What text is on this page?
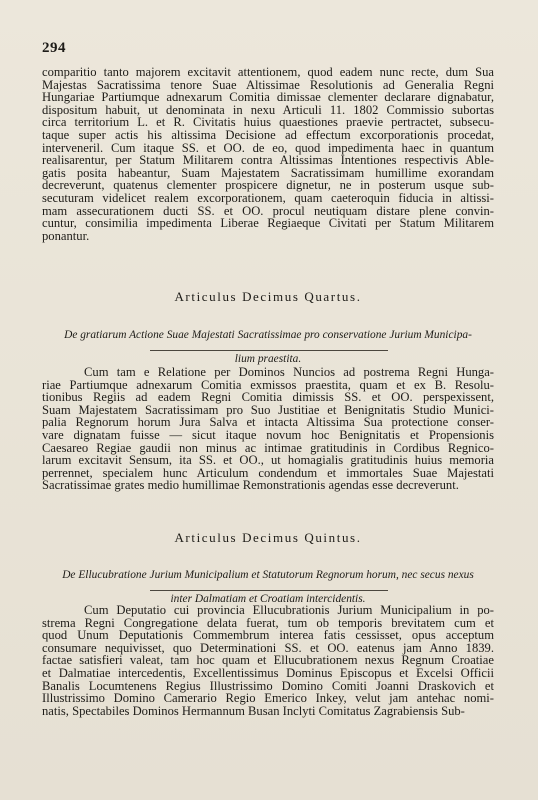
294

comparitio tanto majorem excitavit attentionem, quod eadem nunc recte, dum Sua

Majestas Sacratissima tenore Suae Altissimae Resolutionis ad Generalia Regni

Hungariae Partiumque adnexarum Comitia dimissae clementer declarare dignabatur,

dispositum habuit, ut denominata in nexu Articuli 11. 1802 Commissio subortas

circa territorium L. et R. Civitatis huius quaestiones praevie pertractet, subsecu-

taque super actis his altissima Decisione ad effectum excorporationis procedat,

interveneril. Cum itaque SS. et OO. de eo, quod impedimenta haec in quantum

realisarentur, per Statum Militarem contra Altissimas Intentiones respectivis Able-

gatis posita habeantur, Suam Majestatem Sacratissimam humillime exorandam

decreverunt, quatenus clementer prospicere dignetur, ne in posterum usque sub-

secuturam videlicet realem excorporationem, quam caeteroquin fiducia in altissi-

mam assecurationem ducti SS. et OO. procul neutiquam distare plene convin-

cuntur, consimilia impedimenta Liberae Regiaeque Civitati per Statum Militarem

ponantur.

Articulus Decimus Quartus.

De gratiarum Actione Suae Majestati Sacratissimae pro conservatione Jurium Municipa-

lium praestita.

Cum tam e Relatione per Dominos Nuncios ad postrema Regni Hunga-

riae Partiumque adnexarum Comitia exmissos praestita, quam et ex B. Resolu-

tionibus Regiis ad eadem Regni Comitia dimissis SS. et OO. perspexissent,

Suam Majestatem Sacratissimam pro Suo Justitiae et Benignitatis Studio Munici-

palia Regnorum horum Jura Salva et intacta Altissima Sua protectione conser-

vare dignatam fuisse — sicut itaque novum hoc Benignitatis et Propensionis

Caesareo Regiae gaudii non minus ac intimae gratitudinis in Cordibus Regnico-

larum excitavit Sensum, ita SS. et OO., ut homagialis gratitudinis huius memoria

perrennet, specialem hunc Articulum condendum et immortales Suae Majestati

Sacratissimae grates medio humillimae Remonstrationis agendas esse decreverunt.

Articulus Decimus Quintus.

De Ellucubratione Jurium Municipalium et Statutorum Regnorum horum, nec secus nexus

inter Dalmatiam et Croatiam intercidentis.

Cum Deputatio cui provincia Ellucubrationis Jurium Municipalium in po-

strema Regni Congregatione delata fuerat, tum ob temporis brevitatem cum et

quod Unum Deputationis Commembrum interea fatis cessisset, opus acceptum

consumare nequivisset, quo Determinationi SS. et OO. eatenus jam Anno 1839.

factae satisfieri valeat, tam hoc quam et Ellucubrationem nexus Regnum Croatiae

et Dalmatiae intercedentis, Excellentissimus Dominus Episcopus et Excelsi Officii

Banalis Locumtenens Regius Illustrissimo Domino Comiti Joanni Draskovich et

Illustrissimo Domino Camerario Regio Emerico Inkey, velut jam antehac nomi-

natis, Spectabiles Dominos Hermannum Busan Inclyti Comitatus Zagrabiensis Sub-
